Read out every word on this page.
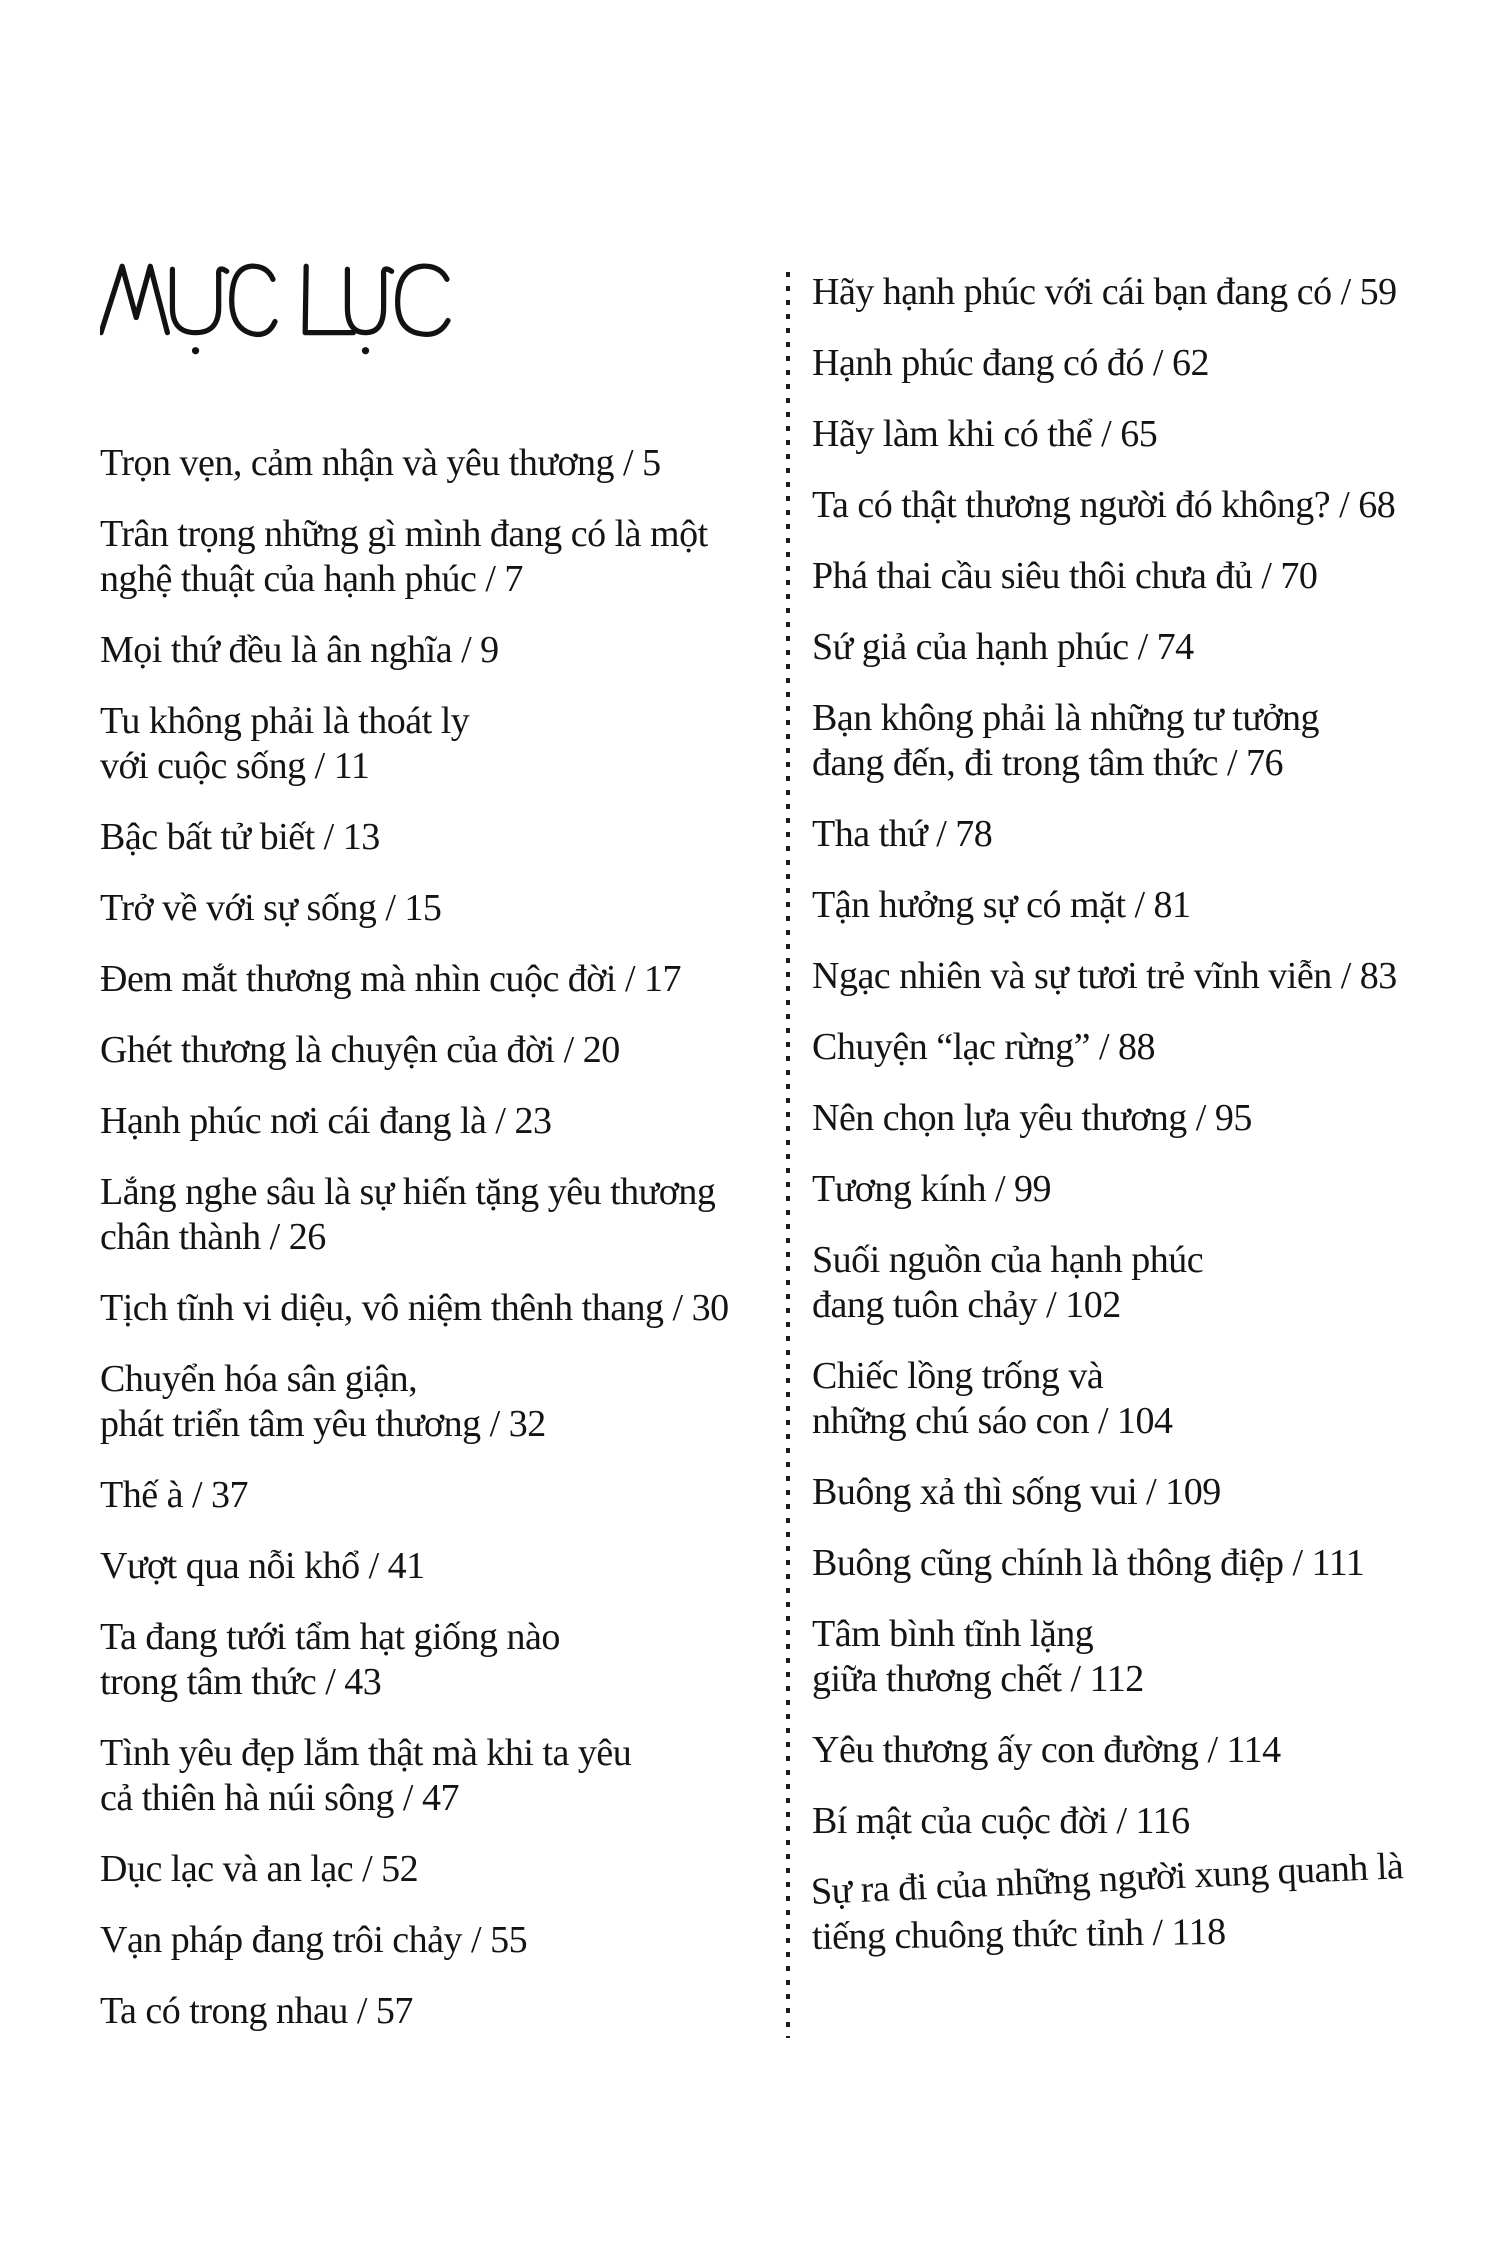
Trọn vẹn, cảm nhận và yêu thương / 5
Trân trọng những gì mình đang có là một
nghệ thuật của hạnh phúc / 7
Mọi thứ đều là ân nghĩa / 9
Tu không phải là thoát ly
với cuộc sống / 11
Bậc bất tử biết / 13
Trở về với sự sống / 15
Đem mắt thương mà nhìn cuộc đời / 17
Ghét thương là chuyện của đời / 20
Hạnh phúc nơi cái đang là / 23
Lắng nghe sâu là sự hiến tặng yêu thương
chân thành / 26
Tịch tĩnh vi diệu, vô niệm thênh thang / 30
Chuyển hóa sân giận,
phát triển tâm yêu thương / 32
Thế à / 37
Vượt qua nỗi khổ / 41
Ta đang tưới tẩm hạt giống nào
trong tâm thức / 43
Tình yêu đẹp lắm thật mà khi ta yêu
cả thiên hà núi sông / 47
Dục lạc và an lạc / 52
Vạn pháp đang trôi chảy / 55
Ta có trong nhau / 57
Hãy hạnh phúc với cái bạn đang có / 59
Hạnh phúc đang có đó / 62
Hãy làm khi có thể / 65
Ta có thật thương người đó không? / 68
Phá thai cầu siêu thôi chưa đủ / 70
Sứ giả của hạnh phúc / 74
Bạn không phải là những tư tưởng
đang đến, đi trong tâm thức / 76
Tha thứ / 78
Tận hưởng sự có mặt / 81
Ngạc nhiên và sự tươi trẻ vĩnh viễn / 83
Chuyện “lạc rừng” / 88
Nên chọn lựa yêu thương / 95
Tương kính / 99
Suối nguồn của hạnh phúc
đang tuôn chảy / 102
Chiếc lồng trống và
những chú sáo con / 104
Buông xả thì sống vui / 109
Buông cũng chính là thông điệp / 111
Tâm bình tĩnh lặng
giữa thương chết / 112
Yêu thương ấy con đường / 114
Bí mật của cuộc đời / 116
Sự ra đi của những người xung quanh là
tiếng chuông thức tỉnh / 118
